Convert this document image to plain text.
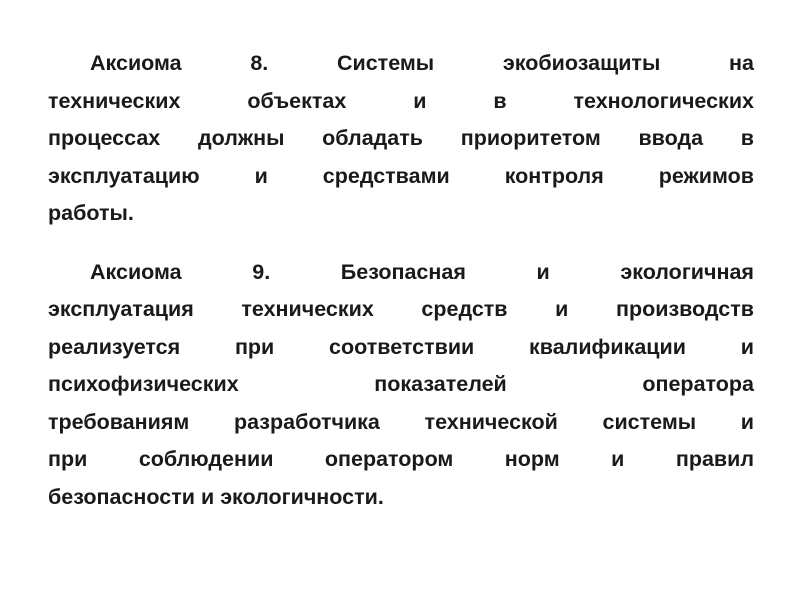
Аксиома	8.	Системы	экобиозащиты	на
технических	объектах	и	в	технологических
процессах должны обладать приоритетом ввода в
эксплуатацию	и	средствами	контроля	режимов
работы.
Аксиома	9.	Безопасная	и	экологичная
эксплуатация технических средств и производств
реализуется	при	соответствии	квалификации	и
психофизических	показателей	оператора
требованиям разработчика технической системы и
при соблюдении оператором норм и правил
безопасности и экологичности.
